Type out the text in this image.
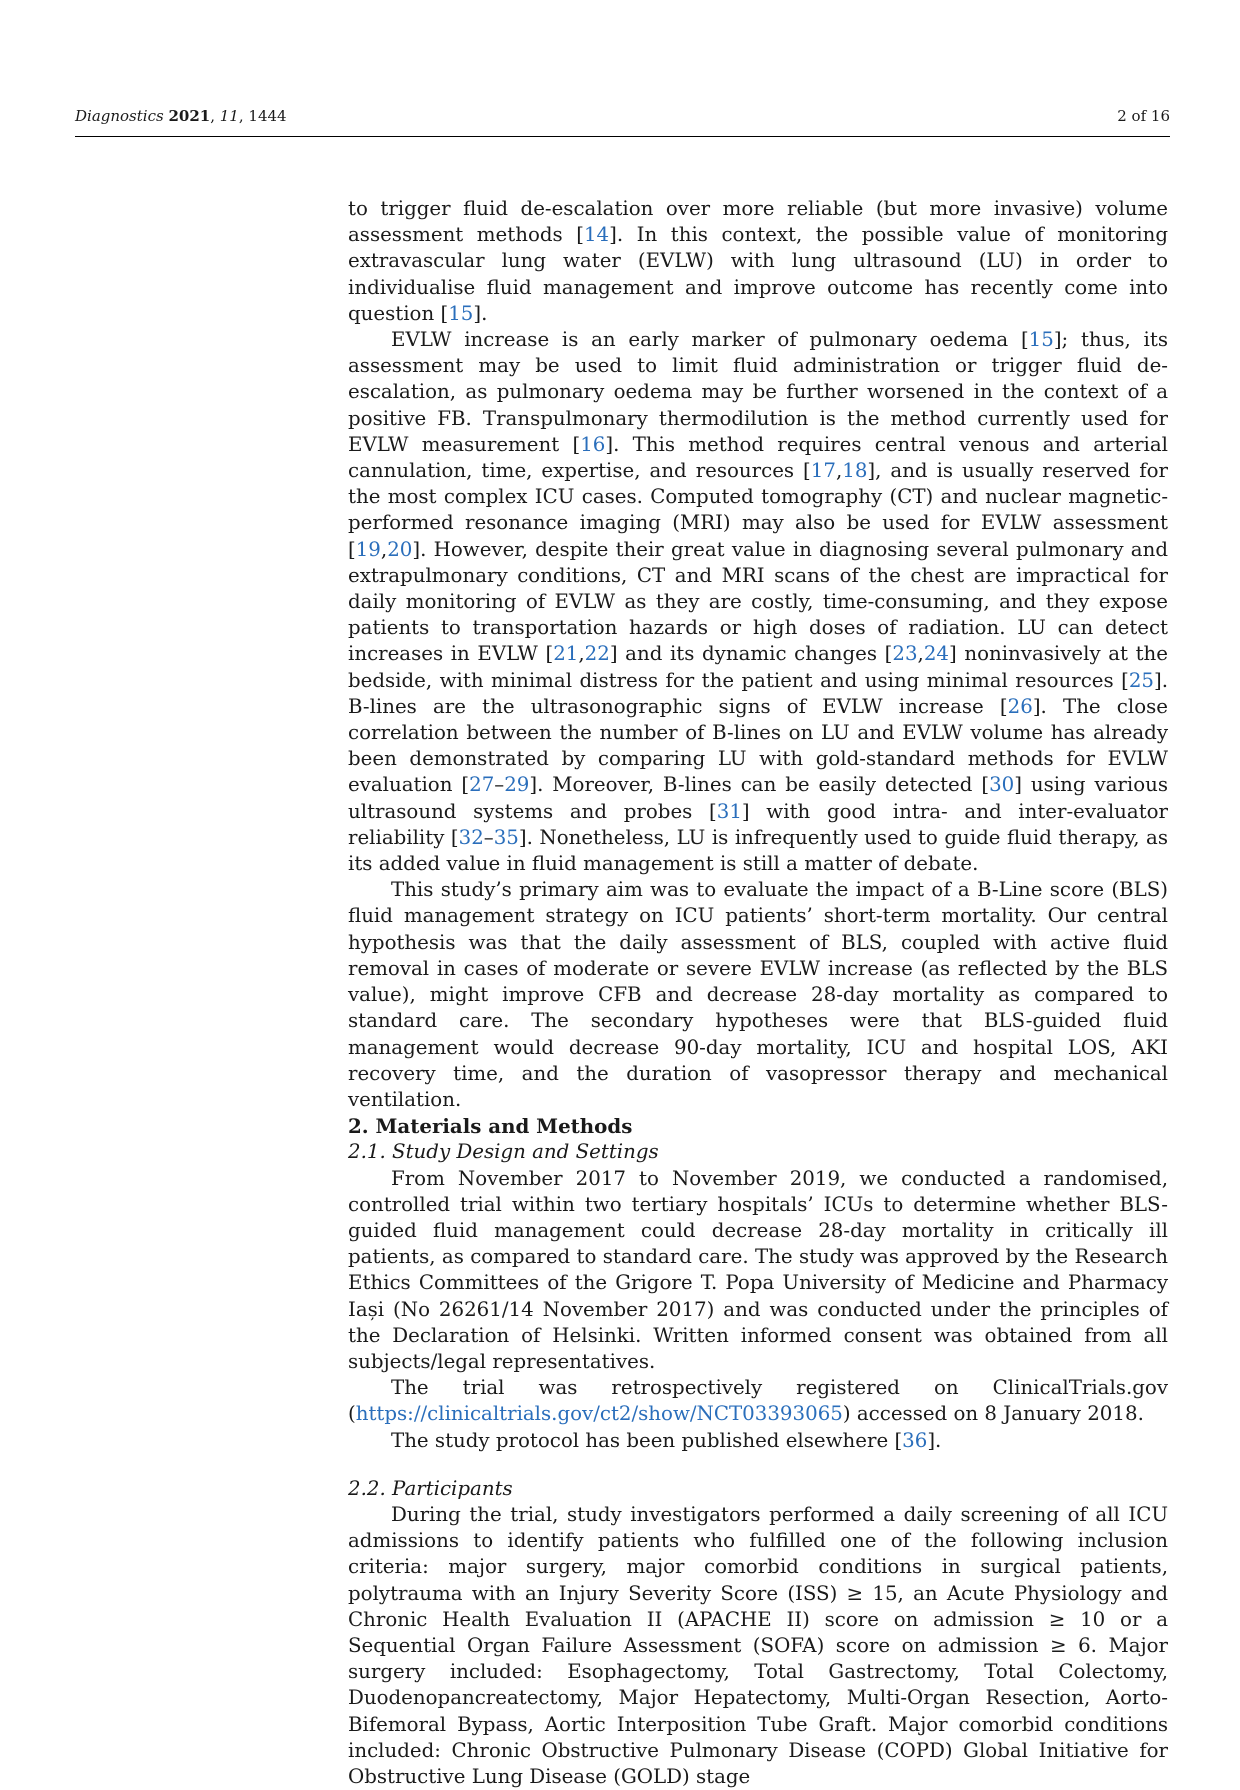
Diagnostics 2021, 11, 1444	2 of 16

to trigger fluid de-escalation over more reliable (but more invasive) volume assessment methods [14]. In this context, the possible value of monitoring extravascular lung water (EVLW) with lung ultrasound (LU) in order to individualise fluid management and improve outcome has recently come into question [15].

EVLW increase is an early marker of pulmonary oedema [15]; thus, its assessment may be used to limit fluid administration or trigger fluid de-escalation, as pulmonary oedema may be further worsened in the context of a positive FB. Transpulmonary thermodilution is the method currently used for EVLW measurement [16]. This method requires central venous and arterial cannulation, time, expertise, and resources [17,18], and is usually reserved for the most complex ICU cases. Computed tomography (CT) and nuclear magnetic-performed resonance imaging (MRI) may also be used for EVLW assessment [19,20]. However, despite their great value in diagnosing several pulmonary and extrapulmonary conditions, CT and MRI scans of the chest are impractical for daily monitoring of EVLW as they are costly, time-consuming, and they expose patients to transportation hazards or high doses of radiation. LU can detect increases in EVLW [21,22] and its dynamic changes [23,24] noninvasively at the bedside, with minimal distress for the patient and using minimal resources [25]. B-lines are the ultrasonographic signs of EVLW increase [26]. The close correlation between the number of B-lines on LU and EVLW volume has already been demonstrated by comparing LU with gold-standard methods for EVLW evaluation [27–29]. Moreover, B-lines can be easily detected [30] using various ultrasound systems and probes [31] with good intra- and inter-evaluator reliability [32–35]. Nonetheless, LU is infrequently used to guide fluid therapy, as its added value in fluid management is still a matter of debate.

This study’s primary aim was to evaluate the impact of a B-Line score (BLS) fluid management strategy on ICU patients’ short-term mortality. Our central hypothesis was that the daily assessment of BLS, coupled with active fluid removal in cases of moderate or severe EVLW increase (as reflected by the BLS value), might improve CFB and decrease 28-day mortality as compared to standard care. The secondary hypotheses were that BLS-guided fluid management would decrease 90-day mortality, ICU and hospital LOS, AKI recovery time, and the duration of vasopressor therapy and mechanical ventilation.

2. Materials and Methods

2.1. Study Design and Settings

From November 2017 to November 2019, we conducted a randomised, controlled trial within two tertiary hospitals’ ICUs to determine whether BLS-guided fluid management could decrease 28-day mortality in critically ill patients, as compared to standard care. The study was approved by the Research Ethics Committees of the Grigore T. Popa University of Medicine and Pharmacy Iași (No 26261/14 November 2017) and was conducted under the principles of the Declaration of Helsinki. Written informed consent was obtained from all subjects/legal representatives.

The trial was retrospectively registered on ClinicalTrials.gov (https://clinicaltrials.gov/ct2/show/NCT03393065) accessed on 8 January 2018.

The study protocol has been published elsewhere [36].

2.2. Participants

During the trial, study investigators performed a daily screening of all ICU admissions to identify patients who fulfilled one of the following inclusion criteria: major surgery, major comorbid conditions in surgical patients, polytrauma with an Injury Severity Score (ISS) ≥ 15, an Acute Physiology and Chronic Health Evaluation II (APACHE II) score on admission ≥ 10 or a Sequential Organ Failure Assessment (SOFA) score on admission ≥ 6. Major surgery included: Esophagectomy, Total Gastrectomy, Total Colectomy, Duodenopancreatectomy, Major Hepatectomy, Multi-Organ Resection, Aorto-Bifemoral Bypass, Aortic Interposition Tube Graft. Major comorbid conditions included: Chronic Obstructive Pulmonary Disease (COPD) Global Initiative for Obstructive Lung Disease (GOLD) stage
